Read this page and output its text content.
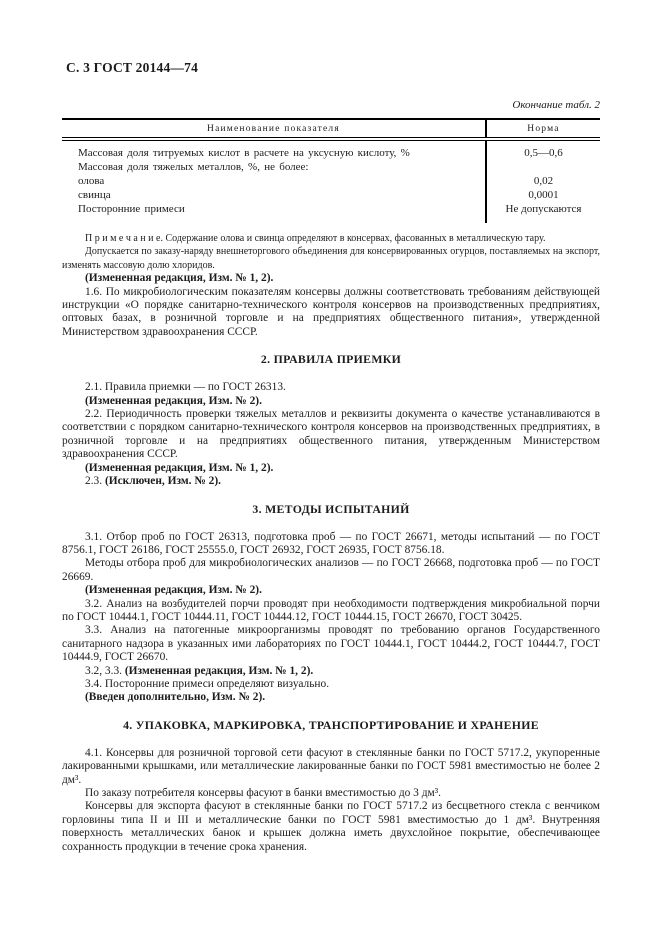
С. 3 ГОСТ 20144—74

Окончание табл. 2

Наименование показателя	Норма
Массовая доля титруемых кислот в расчете на уксусную кислоту, %	0,5—0,6
Массовая доля тяжелых металлов, %, не более:
олова	0,02
свинца	0,0001
Посторонние примеси	Не допускаются

П р и м е ч а н и е. Содержание олова и свинца определяют в консервах, фасованных в металлическую тару.

Допускается по заказу-наряду внешнеторгового объединения для консервированных огурцов, поставляемых на экспорт, изменять массовую долю хлоридов.

(Измененная редакция, Изм. № 1, 2).

1.6. По микробиологическим показателям консервы должны соответствовать требованиям действующей инструкции «О порядке санитарно-технического контроля консервов на производственных предприятиях, оптовых базах, в розничной торговле и на предприятиях общественного питания», утвержденной Министерством здравоохранения СССР.

2. ПРАВИЛА ПРИЕМКИ

2.1. Правила приемки — по ГОСТ 26313.

(Измененная редакция, Изм. № 2).

2.2. Периодичность проверки тяжелых металлов и реквизиты документа о качестве устанавливаются в соответствии с порядком санитарно-технического контроля консервов на производственных предприятиях, в розничной торговле и на предприятиях общественного питания, утвержденным Министерством здравоохранения СССР.

(Измененная редакция, Изм. № 1, 2).

2.3. (Исключен, Изм. № 2).

3. МЕТОДЫ ИСПЫТАНИЙ

3.1. Отбор проб по ГОСТ 26313, подготовка проб — по ГОСТ 26671, методы испытаний — по ГОСТ 8756.1, ГОСТ 26186, ГОСТ 25555.0, ГОСТ 26932, ГОСТ 26935, ГОСТ 8756.18.

Методы отбора проб для микробиологических анализов — по ГОСТ 26668, подготовка проб — по ГОСТ 26669.

(Измененная редакция, Изм. № 2).

3.2. Анализ на возбудителей порчи проводят при необходимости подтверждения микробиальной порчи по ГОСТ 10444.1, ГОСТ 10444.11, ГОСТ 10444.12, ГОСТ 10444.15, ГОСТ 26670, ГОСТ 30425.

3.3. Анализ на патогенные микроорганизмы проводят по требованию органов Государственного санитарного надзора в указанных ими лабораториях по ГОСТ 10444.1, ГОСТ 10444.2, ГОСТ 10444.7, ГОСТ 10444.9, ГОСТ 26670.

3.2, 3.3. (Измененная редакция, Изм. № 1, 2).

3.4. Посторонние примеси определяют визуально.

(Введен дополнительно, Изм. № 2).

4. УПАКОВКА, МАРКИРОВКА, ТРАНСПОРТИРОВАНИЕ И ХРАНЕНИЕ

4.1. Консервы для розничной торговой сети фасуют в стеклянные банки по ГОСТ 5717.2, укупоренные лакированными крышками, или металлические лакированные банки по ГОСТ 5981 вместимостью не более 2 дм³.

По заказу потребителя консервы фасуют в банки вместимостью до 3 дм³.

Консервы для экспорта фасуют в стеклянные банки по ГОСТ 5717.2 из бесцветного стекла с венчиком горловины типа II и III и металлические банки по ГОСТ 5981 вместимостью до 1 дм³. Внутренняя поверхность металлических банок и крышек должна иметь двухслойное покрытие, обеспечивающее сохранность продукции в течение срока хранения.
